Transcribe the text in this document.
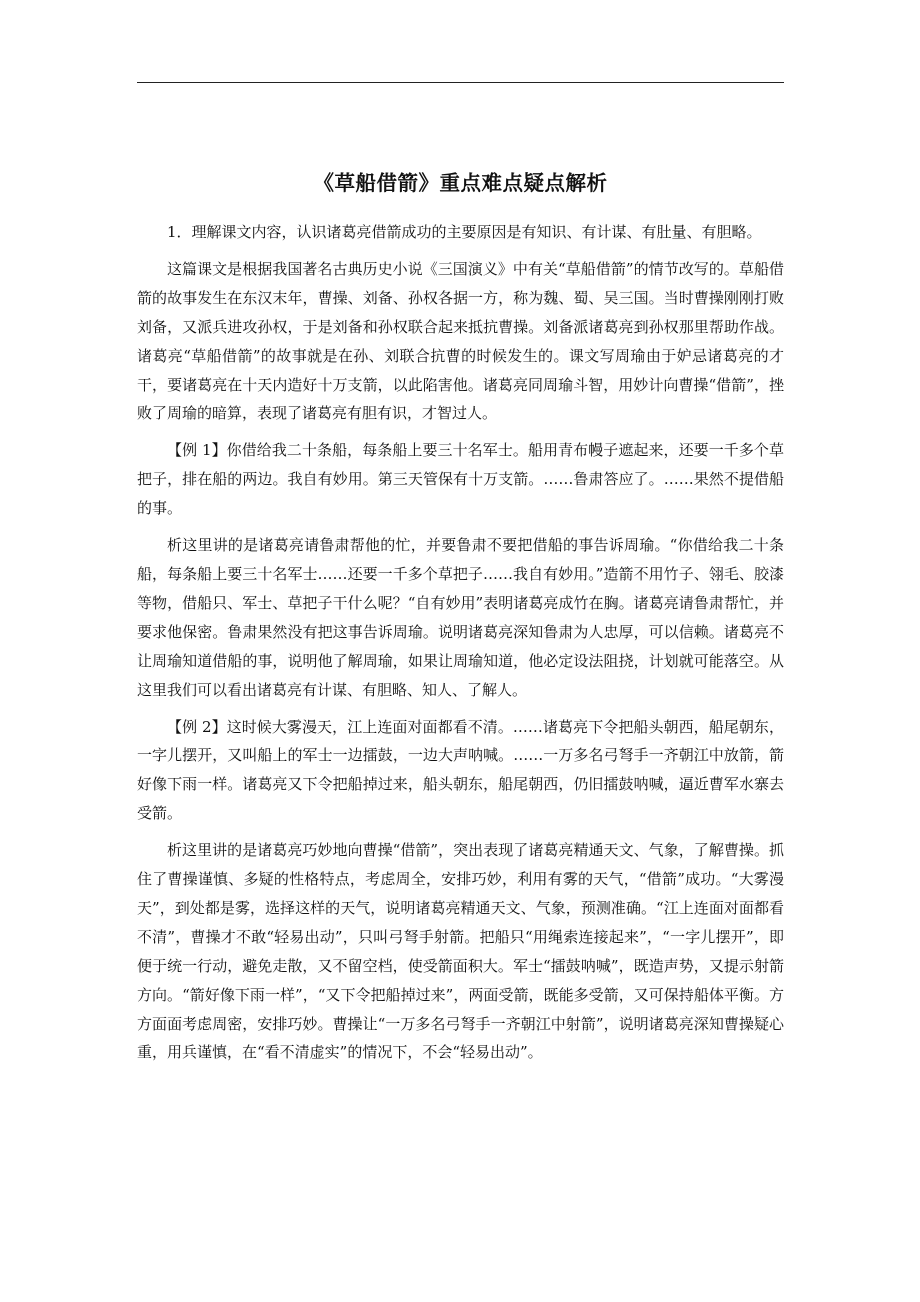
《草船借箭》重点难点疑点解析

1．理解课文内容，认识诸葛亮借箭成功的主要原因是有知识、有计谋、有肚量、有胆略。

这篇课文是根据我国著名古典历史小说《三国演义》中有关“草船借箭”的情节改写的。草船借箭的故事发生在东汉末年，曹操、刘备、孙权各据一方，称为魏、蜀、吴三国。当时曹操刚刚打败刘备，又派兵进攻孙权，于是刘备和孙权联合起来抵抗曹操。刘备派诸葛亮到孙权那里帮助作战。诸葛亮“草船借箭”的故事就是在孙、刘联合抗曹的时候发生的。课文写周瑜由于妒忌诸葛亮的才干，要诸葛亮在十天内造好十万支箭，以此陷害他。诸葛亮同周瑜斗智，用妙计向曹操“借箭”，挫败了周瑜的暗算，表现了诸葛亮有胆有识，才智过人。

【例 1】你借给我二十条船，每条船上要三十名军士。船用青布幔子遮起来，还要一千多个草把子，排在船的两边。我自有妙用。第三天管保有十万支箭。……鲁肃答应了。……果然不提借船的事。

析这里讲的是诸葛亮请鲁肃帮他的忙，并要鲁肃不要把借船的事告诉周瑜。“你借给我二十条船，每条船上要三十名军士……还要一千多个草把子……我自有妙用。”造箭不用竹子、翎毛、胶漆等物，借船只、军士、草把子干什么呢？“自有妙用”表明诸葛亮成竹在胸。诸葛亮请鲁肃帮忙，并要求他保密。鲁肃果然没有把这事告诉周瑜。说明诸葛亮深知鲁肃为人忠厚，可以信赖。诸葛亮不让周瑜知道借船的事，说明他了解周瑜，如果让周瑜知道，他必定设法阻挠，计划就可能落空。从这里我们可以看出诸葛亮有计谋、有胆略、知人、了解人。

【例 2】这时候大雾漫天，江上连面对面都看不清。……诸葛亮下令把船头朝西，船尾朝东，一字儿摆开，又叫船上的军士一边擂鼓，一边大声呐喊。……一万多名弓弩手一齐朝江中放箭，箭好像下雨一样。诸葛亮又下令把船掉过来，船头朝东，船尾朝西，仍旧擂鼓呐喊，逼近曹军水寨去受箭。

析这里讲的是诸葛亮巧妙地向曹操“借箭”，突出表现了诸葛亮精通天文、气象，了解曹操。抓住了曹操谨慎、多疑的性格特点，考虑周全，安排巧妙，利用有雾的天气，“借箭”成功。“大雾漫天”，到处都是雾，选择这样的天气，说明诸葛亮精通天文、气象，预测准确。“江上连面对面都看不清”，曹操才不敢“轻易出动”，只叫弓弩手射箭。把船只“用绳索连接起来”，“一字儿摆开”，即便于统一行动，避免走散，又不留空档，使受箭面积大。军士“擂鼓呐喊”，既造声势，又提示射箭方向。“箭好像下雨一样”，“又下令把船掉过来”，两面受箭，既能多受箭，又可保持船体平衡。方方面面考虑周密，安排巧妙。曹操让“一万多名弓弩手一齐朝江中射箭”，说明诸葛亮深知曹操疑心重，用兵谨慎，在“看不清虚实”的情况下，不会“轻易出动”。
